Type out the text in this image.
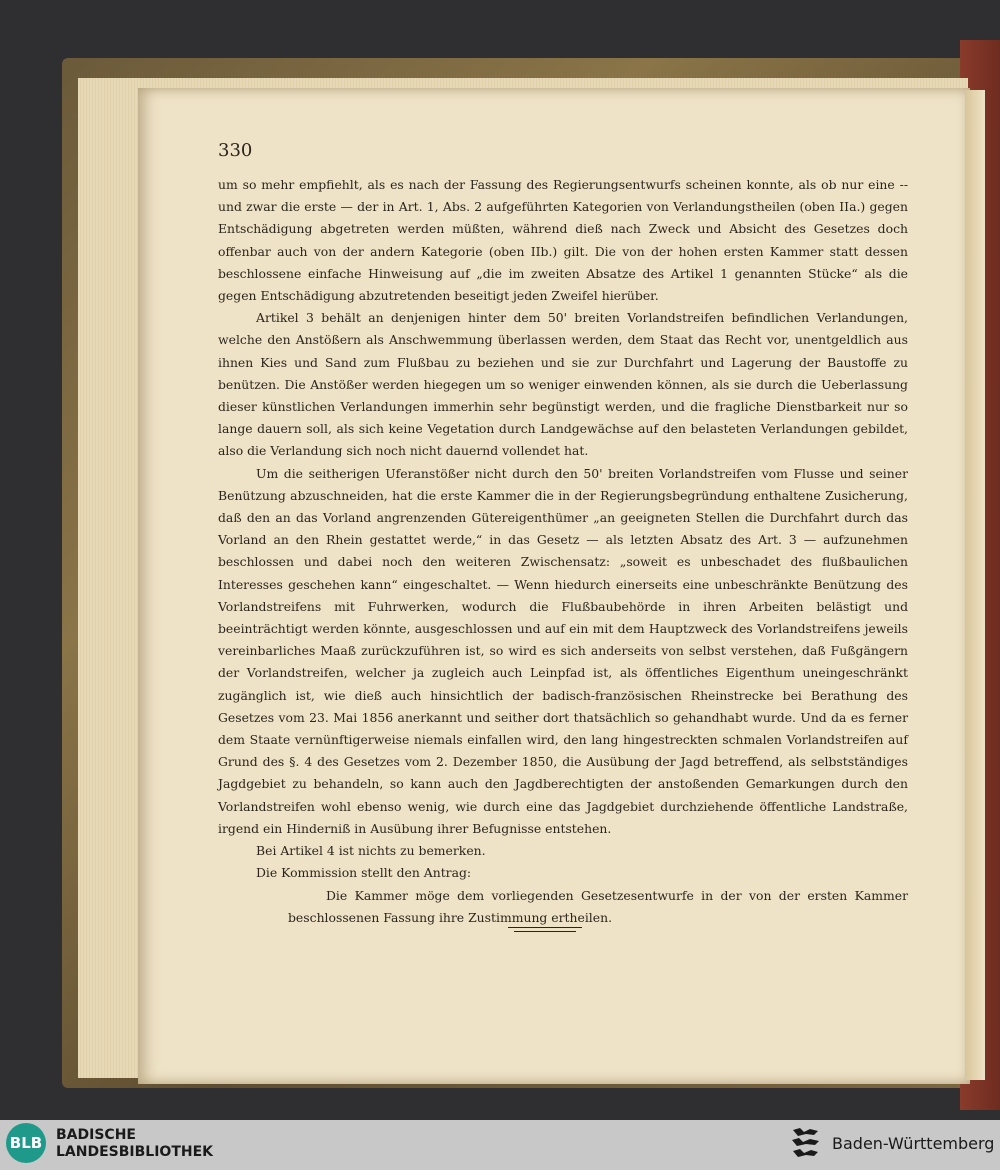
330

um so mehr empfiehlt, als es nach der Fassung des Regierungsentwurfs scheinen konnte, als ob nur eine -- und zwar die erste — der in Art. 1, Abs. 2 aufgeführten Kategorien von Verlandungstheilen (oben IIa.) gegen Entschädigung abgetreten werden müßten, während dieß nach Zweck und Absicht des Gesetzes doch offenbar auch von der andern Kategorie (oben IIb.) gilt. Die von der hohen ersten Kammer statt dessen beschlossene einfache Hinweisung auf „die im zweiten Absatze des Artikel 1 genannten Stücke“ als die gegen Entschädigung abzutretenden beseitigt jeden Zweifel hierüber.

Artikel 3 behält an denjenigen hinter dem 50' breiten Vorlandstreifen befindlichen Verlandungen, welche den Anstößern als Anschwemmung überlassen werden, dem Staat das Recht vor, unentgeldlich aus ihnen Kies und Sand zum Flußbau zu beziehen und sie zur Durchfahrt und Lagerung der Baustoffe zu benützen. Die Anstößer werden hiegegen um so weniger einwenden können, als sie durch die Ueberlassung dieser künstlichen Verlandungen immerhin sehr begünstigt werden, und die fragliche Dienstbarkeit nur so lange dauern soll, als sich keine Vegetation durch Landgewächse auf den belasteten Verlandungen gebildet, also die Verlandung sich noch nicht dauernd vollendet hat.

Um die seitherigen Uferanstößer nicht durch den 50' breiten Vorlandstreifen vom Flusse und seiner Benützung abzuschneiden, hat die erste Kammer die in der Regierungsbegründung enthaltene Zusicherung, daß den an das Vorland angrenzenden Gütereigenthümer „an geeigneten Stellen die Durchfahrt durch das Vorland an den Rhein gestattet werde,“ in das Gesetz — als letzten Absatz des Art. 3 — aufzunehmen beschlossen und dabei noch den weiteren Zwischensatz: „soweit es unbeschadet des flußbaulichen Interesses geschehen kann“ eingeschaltet. — Wenn hiedurch einerseits eine unbeschränkte Benützung des Vorlandstreifens mit Fuhrwerken, wodurch die Flußbaubehörde in ihren Arbeiten belästigt und beeinträchtigt werden könnte, ausgeschlossen und auf ein mit dem Hauptzweck des Vorlandstreifens jeweils vereinbarliches Maaß zurückzuführen ist, so wird es sich anderseits von selbst verstehen, daß Fußgängern der Vorlandstreifen, welcher ja zugleich auch Leinpfad ist, als öffentliches Eigenthum uneingeschränkt zugänglich ist, wie dieß auch hinsichtlich der badisch-französischen Rheinstrecke bei Berathung des Gesetzes vom 23. Mai 1856 anerkannt und seither dort thatsächlich so gehandhabt wurde. Und da es ferner dem Staate vernünftigerweise niemals einfallen wird, den lang hingestreckten schmalen Vorlandstreifen auf Grund des §. 4 des Gesetzes vom 2. Dezember 1850, die Ausübung der Jagd betreffend, als selbstständiges Jagdgebiet zu behandeln, so kann auch den Jagdberechtigten der anstoßenden Gemarkungen durch den Vorlandstreifen wohl ebenso wenig, wie durch eine das Jagdgebiet durchziehende öffentliche Landstraße, irgend ein Hinderniß in Ausübung ihrer Befugnisse entstehen.

Bei Artikel 4 ist nichts zu bemerken.

Die Kommission stellt den Antrag:

Die Kammer möge dem vorliegenden Gesetzesentwurfe in der von der ersten Kammer beschlossenen Fassung ihre Zustimmung ertheilen.

BLB BADISCHE
LANDESBIBLIOTHEK	Baden-Württemberg
